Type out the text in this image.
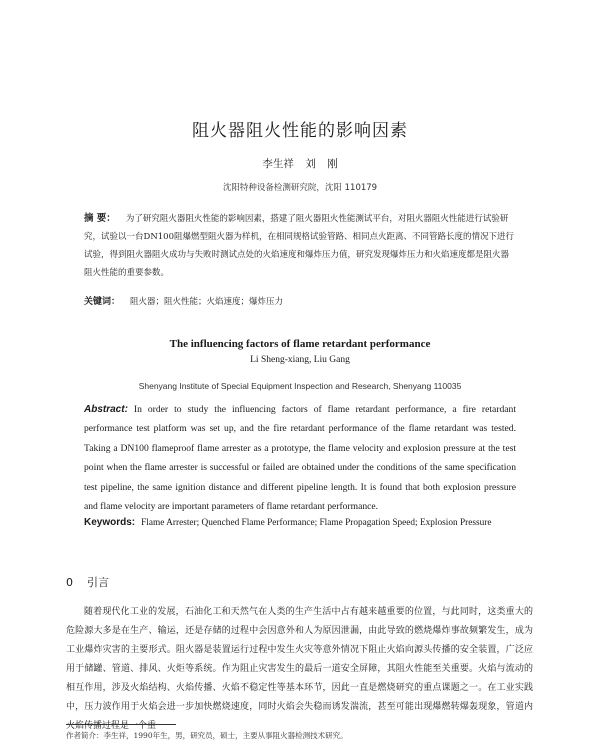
阻火器阻火性能的影响因素
李生祥 刘 刚
沈阳特种设备检测研究院，沈阳 110179
摘 要： 为了研究阻火器阻火性能的影响因素，搭建了阻火器阻火性能测试平台，对阻火器阻火性能进行试验研究，试验以一台DN100阻爆燃型阻火器为样机，在相同规格试验管路、相同点火距离、不同管路长度的情况下进行试验，得到阻火器阻火成功与失败时测试点处的火焰速度和爆炸压力值，研究发现爆炸压力和火焰速度都是阻火器阻火性能的重要参数。
关键词： 阻火器；阻火性能；火焰速度；爆炸压力
The influencing factors of flame retardant performance
Li Sheng-xiang, Liu Gang
Shenyang Institute of Special Equipment Inspection and Research, Shenyang 110035
Abstract: In order to study the influencing factors of flame retardant performance, a fire retardant performance test platform was set up, and the fire retardant performance of the flame retardant was tested. Taking a DN100 flameproof flame arrester as a prototype, the flame velocity and explosion pressure at the test point when the flame arrester is successful or failed are obtained under the conditions of the same specification test pipeline, the same ignition distance and different pipeline length. It is found that both explosion pressure and flame velocity are important parameters of flame retardant performance.
Keywords: Flame Arrester; Quenched Flame Performance; Flame Propagation Speed; Explosion Pressure
0 引言
随着现代化工业的发展，石油化工和天然气在人类的生产生活中占有越来越重要的位置，与此同时，这类重大的危险源大多是在生产、输运，还是存储的过程中会因意外和人为原因泄漏，由此导致的燃烧爆炸事故频繁发生，成为工业爆炸灾害的主要形式。阻火器是装置运行过程中发生火灾等意外情况下阻止火焰向源头传播的安全装置，广泛应用于储罐、管道、排风、火炬等系统。作为阻止灾害发生的最后一道安全屏障，其阻火性能至关重要。火焰与流动的相互作用，涉及火焰结构、火焰传播、火焰不稳定性等基本环节，因此一直是燃烧研究的重点课题之一。在工业实践中，压力波作用于火焰会进一步加快燃烧速度，同时火焰会失稳而诱发湍流，甚至可能出现爆燃转爆轰现象，管道内火焰传播过程是一个重
作者简介：李生祥，1990年生，男，研究员，硕士，主要从事阻火器检测技术研究。
